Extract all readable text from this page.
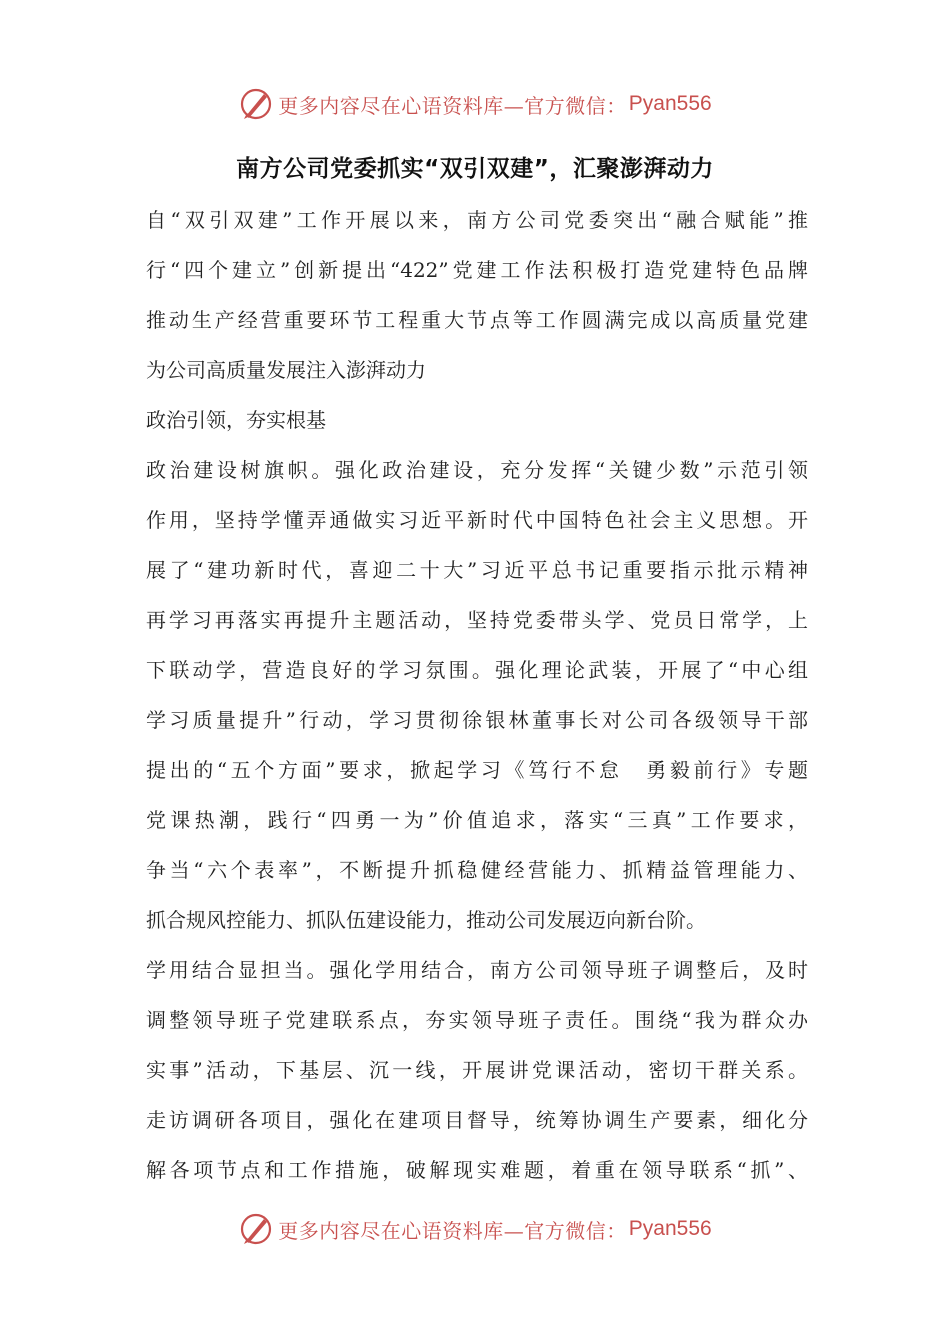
更多内容尽在心语资料库—官方微信： Pyan556
南方公司党委抓实“双引双建”，汇聚澎湃动力
自“双引双建”工作开展以来，南方公司党委突出“融合赋能”推
行“四个建立”创新提出“422”党建工作法积极打造党建特色品牌
推动生产经营重要环节工程重大节点等工作圆满完成以高质量党建
为公司高质量发展注入澎湃动力
政治引领，夯实根基
政治建设树旗帜。强化政治建设，充分发挥“关键少数”示范引领
作用，坚持学懂弄通做实习近平新时代中国特色社会主义思想。开
展了“建功新时代，喜迎二十大”习近平总书记重要指示批示精神
再学习再落实再提升主题活动，坚持党委带头学、党员日常学，上
下联动学，营造良好的学习氛围。强化理论武装，开展了“中心组
学习质量提升”行动，学习贯彻徐银林董事长对公司各级领导干部
提出的“五个方面”要求，掀起学习《笃行不怠　勇毅前行》专题
党课热潮，践行“四勇一为”价值追求，落实“三真”工作要求，
争当“六个表率”，不断提升抓稳健经营能力、抓精益管理能力、
抓合规风控能力、抓队伍建设能力，推动公司发展迈向新台阶。
学用结合显担当。强化学用结合，南方公司领导班子调整后，及时
调整领导班子党建联系点，夯实领导班子责任。围绕“我为群众办
实事”活动，下基层、沉一线，开展讲党课活动，密切干群关系。
走访调研各项目，强化在建项目督导，统筹协调生产要素，细化分
解各项节点和工作措施，破解现实难题，着重在领导联系“抓”、
更多内容尽在心语资料库—官方微信： Pyan556
